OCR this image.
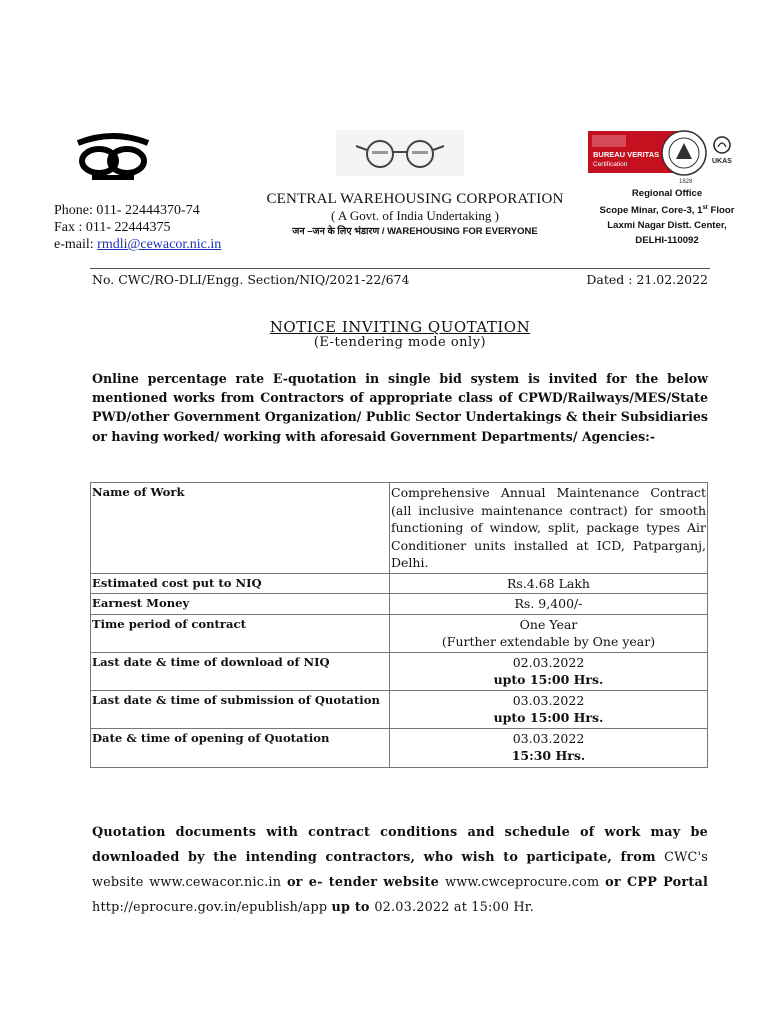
BUREAU VERITAS
Certification
1828
UKAS
Phone: 011- 22444370-74
Fax : 011- 22444375
e-mail: rmdli@cewacor.nic.in
CENTRAL WAREHOUSING CORPORATION
( A Govt. of India Undertaking )
जन –जन के लिए भंडारण / WAREHOUSING FOR EVERYONE
Regional Office
Scope Minar, Core-3, 1st Floor
Laxmi Nagar Distt. Center,
DELHI-110092
No. CWC/RO-DLI/Engg. Section/NIQ/2021-22/674	Dated : 21.02.2022
NOTICE INVITING QUOTATION
(E-tendering mode only)
Online percentage rate E-quotation in single bid system is invited for the below mentioned works from Contractors of appropriate class of CPWD/Railways/MES/State PWD/other Government Organization/ Public Sector Undertakings & their Subsidiaries or having worked/ working with aforesaid Government Departments/ Agencies:-
Name of Work	Comprehensive Annual Maintenance Contract (all inclusive maintenance contract) for smooth functioning of window, split, package types Air Conditioner units installed at ICD, Patparganj, Delhi.
Estimated cost put to NIQ	Rs.4.68 Lakh
Earnest Money	Rs. 9,400/-
Time period of contract	One Year
(Further extendable by One year)

Last date & time of download of NIQ	02.03.2022
upto 15:00 Hrs.

Last date & time of submission of Quotation	03.03.2022
upto 15:00 Hrs.

Date & time of opening of Quotation	03.03.2022
15:30 Hrs.
Quotation documents with contract conditions and schedule of work may be downloaded by the intending contractors, who wish to participate, from CWC's website www.cewacor.nic.in or e- tender website www.cwceprocure.com or CPP Portal http://eprocure.gov.in/epublish/app up to 02.03.2022 at 15:00 Hr.
